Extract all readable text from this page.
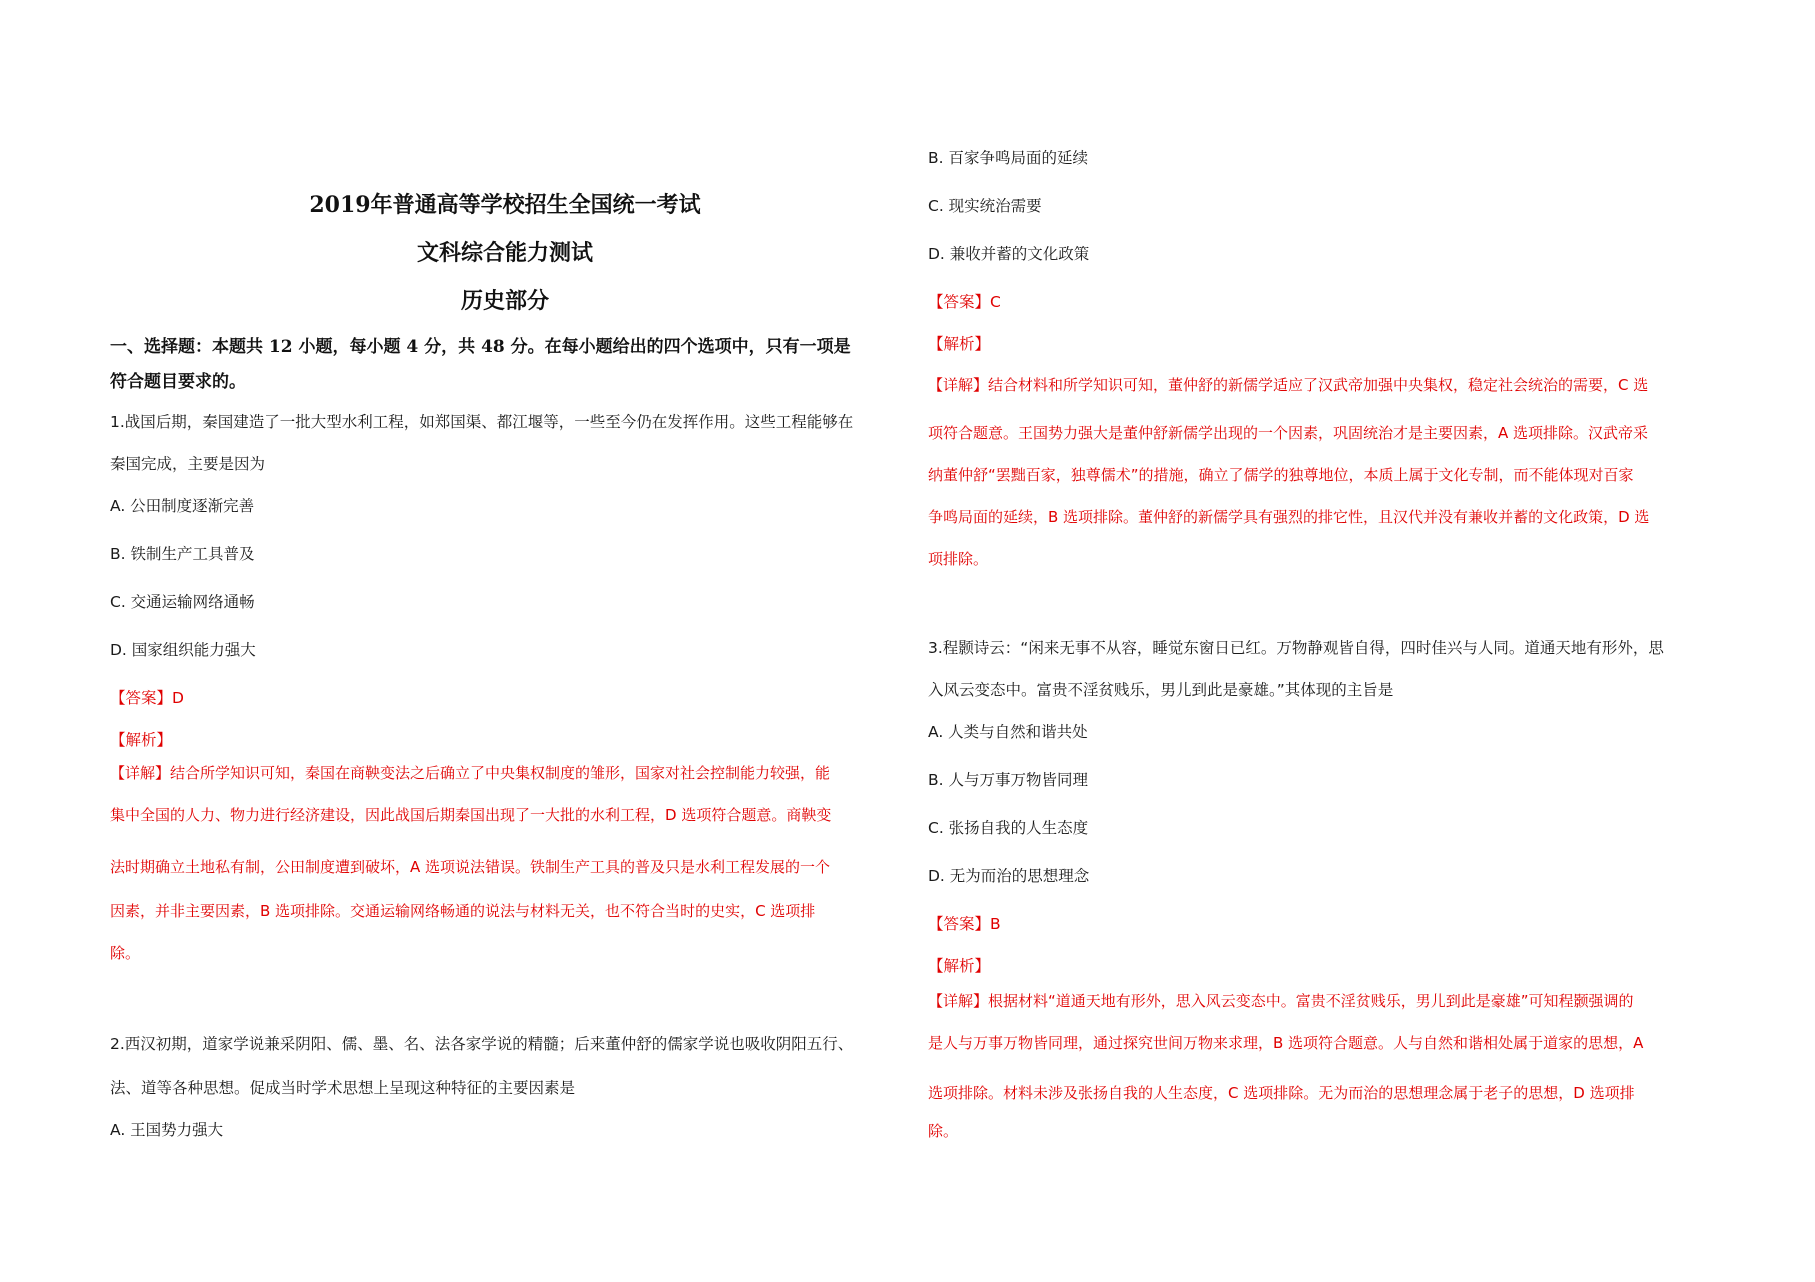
2019年普通高等学校招生全国统一考试
文科综合能力测试
历史部分
一、选择题：本题共 12 小题，每小题 4 分，共 48 分。在每小题给出的四个选项中，只有一项是
符合题目要求的。
1.战国后期，秦国建造了一批大型水利工程，如郑国渠、都江堰等，一些至今仍在发挥作用。这些工程能够在
秦国完成，主要是因为
A. 公田制度逐渐完善
B. 铁制生产工具普及
C. 交通运输网络通畅
D. 国家组织能力强大
【答案】D
【解析】
【详解】结合所学知识可知，秦国在商鞅变法之后确立了中央集权制度的雏形，国家对社会控制能力较强，能
集中全国的人力、物力进行经济建设，因此战国后期秦国出现了一大批的水利工程，D 选项符合题意。商鞅变
法时期确立土地私有制，公田制度遭到破坏，A 选项说法错误。铁制生产工具的普及只是水利工程发展的一个
因素，并非主要因素，B 选项排除。交通运输网络畅通的说法与材料无关，也不符合当时的史实，C 选项排
除。
2.西汉初期，道家学说兼采阴阳、儒、墨、名、法各家学说的精髓；后来董仲舒的儒家学说也吸收阴阳五行、
法、道等各种思想。促成当时学术思想上呈现这种特征的主要因素是
A. 王国势力强大
B. 百家争鸣局面的延续
C. 现实统治需要
D. 兼收并蓄的文化政策
【答案】C
【解析】
【详解】结合材料和所学知识可知，董仲舒的新儒学适应了汉武帝加强中央集权，稳定社会统治的需要，C 选
项符合题意。王国势力强大是董仲舒新儒学出现的一个因素，巩固统治才是主要因素，A 选项排除。汉武帝采
纳董仲舒“罢黜百家，独尊儒术”的措施，确立了儒学的独尊地位，本质上属于文化专制，而不能体现对百家
争鸣局面的延续，B 选项排除。董仲舒的新儒学具有强烈的排它性，且汉代并没有兼收并蓄的文化政策，D 选
项排除。
3.程颢诗云：“闲来无事不从容，睡觉东窗日已红。万物静观皆自得，四时佳兴与人同。道通天地有形外，思
入风云变态中。富贵不淫贫贱乐，男儿到此是豪雄。”其体现的主旨是
A. 人类与自然和谐共处
B. 人与万事万物皆同理
C. 张扬自我的人生态度
D. 无为而治的思想理念
【答案】B
【解析】
【详解】根据材料“道通天地有形外，思入风云变态中。富贵不淫贫贱乐，男儿到此是豪雄”可知程颢强调的
是人与万事万物皆同理，通过探究世间万物来求理，B 选项符合题意。人与自然和谐相处属于道家的思想，A
选项排除。材料未涉及张扬自我的人生态度，C 选项排除。无为而治的思想理念属于老子的思想，D 选项排
除。
